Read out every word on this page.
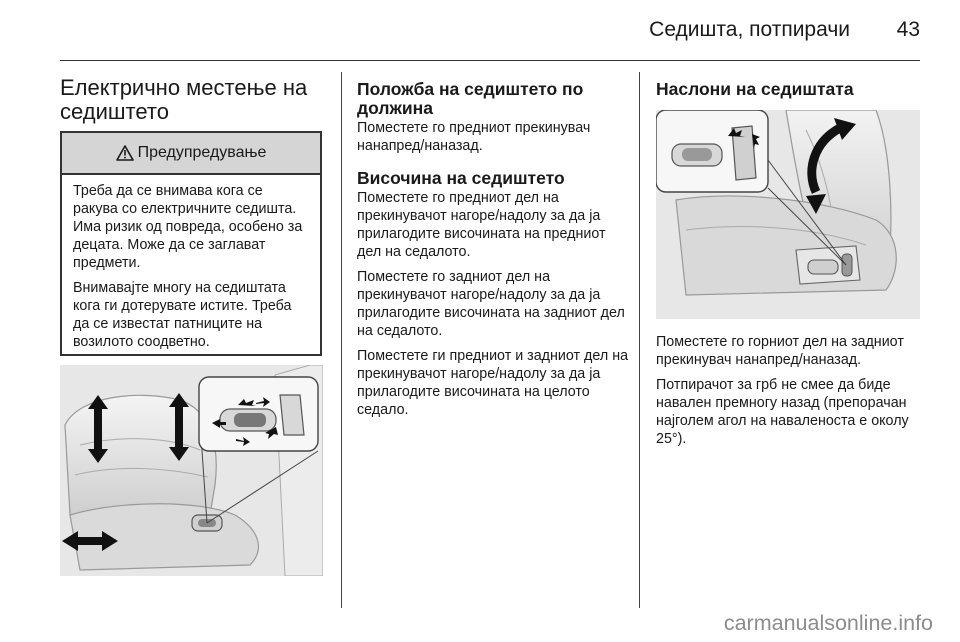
Седишта, потпирачи	43
Електрично местење на седиштето
Предупредување

Треба да се внимава кога се ракува со електричните седишта. Има ризик од повреда, особено за децата. Може да се заглават предмети.

Внимавајте многу на седиштата кога ги дотерувате истите. Треба да се известат патниците на возилото соодветно.

Положба на седиштето по должина

Поместете го предниот прекинувач нанапред/наназад.

Височина на седиштето

Поместете го предниот дел на прекинувачот нагоре/надолу за да ја прилагодите височината на предниот дел на седалото.

Поместете го задниот дел на прекинувачот нагоре/надолу за да ја прилагодите височината на задниот дел на седалото.

Поместете ги предниот и задниот дел на прекинувачот нагоре/надолу за да ја прилагодите височината на целото седало.

Наслони на седиштата

Поместете го горниот дел на задниот прекинувач нанапред/наназад.

Потпирачот за грб не смее да биде навален премногу назад (препорачан најголем агол на навaленоста е околу 25°).

carmanualsonline.info
